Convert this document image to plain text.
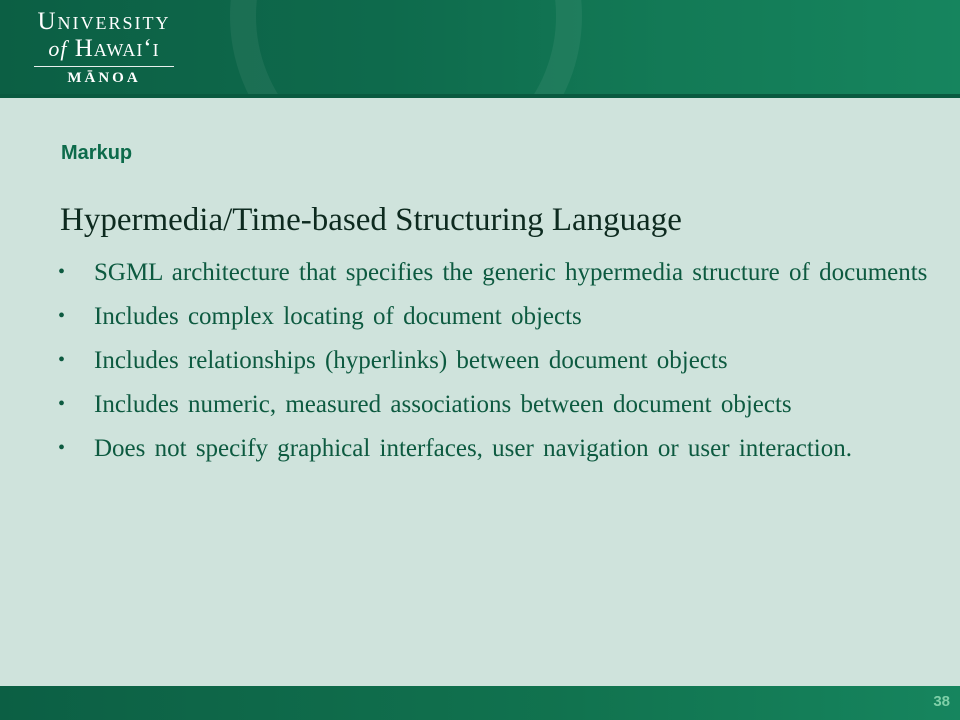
University
of Hawai‘i
MĀNOA
Markup
Hypermedia/Time-based Structuring Language
• SGML architecture that specifies the generic hypermedia structure of documents
• Includes complex locating of document objects
• Includes relationships (hyperlinks) between document objects
• Includes numeric, measured associations between document objects
• Does not specify graphical interfaces, user navigation or user interaction.
38
